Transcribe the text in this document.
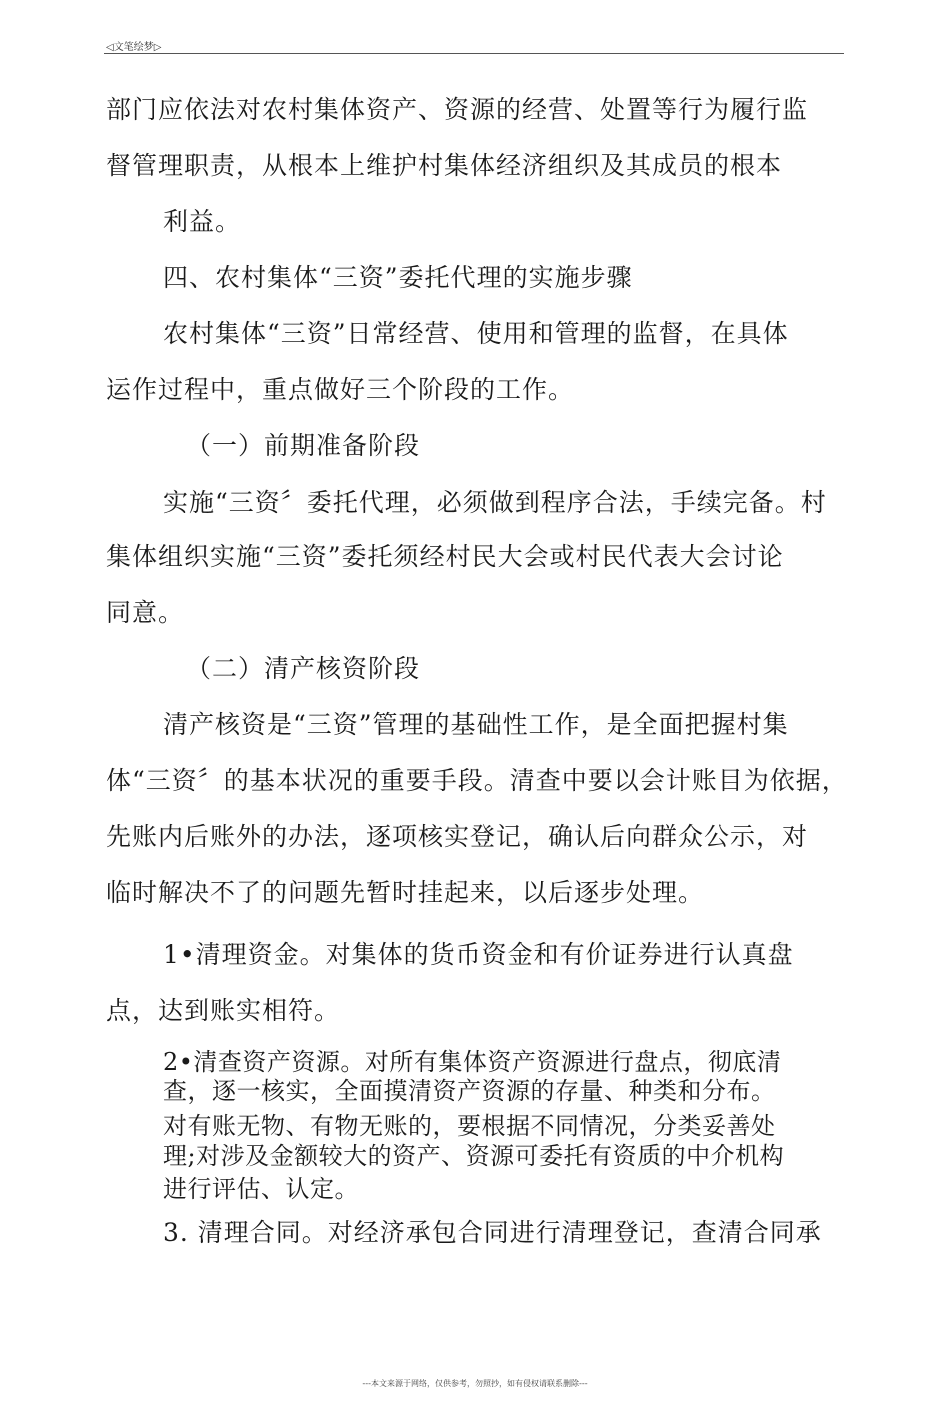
◁文笔绘梦▷
部门应依法对农村集体资产、资源的经营、处置等行为履行监
督管理职责，从根本上维护村集体经济组织及其成员的根本
利益。
四、农村集体“三资”委托代理的实施步骤
农村集体“三资”日常经营、使用和管理的监督，在具体
运作过程中，重点做好三个阶段的工作。
（一）前期准备阶段
实施“三资〞委托代理，必须做到程序合法，手续完备。村
集体组织实施“三资”委托须经村民大会或村民代表大会讨论
同意。
（二）清产核资阶段
清产核资是“三资”管理的基础性工作，是全面把握村集
体“三资〞的基本状况的重要手段。清查中要以会计账目为依据，
先账内后账外的办法，逐项核实登记，确认后向群众公示，对
临时解决不了的问题先暂时挂起来，以后逐步处理。
1•清理资金。对集体的货币资金和有价证券进行认真盘
点，达到账实相符。
2•清查资产资源。对所有集体资产资源进行盘点，彻底清
查，逐一核实，全面摸清资产资源的存量、种类和分布。
对有账无物、有物无账的，要根据不同情况，分类妥善处
理;对涉及金额较大的资产、资源可委托有资质的中介机构
进行评估、认定。
3. 清理合同。对经济承包合同进行清理登记，查清合同承
---本文来源于网络，仅供参考，勿照抄，如有侵权请联系删除---
